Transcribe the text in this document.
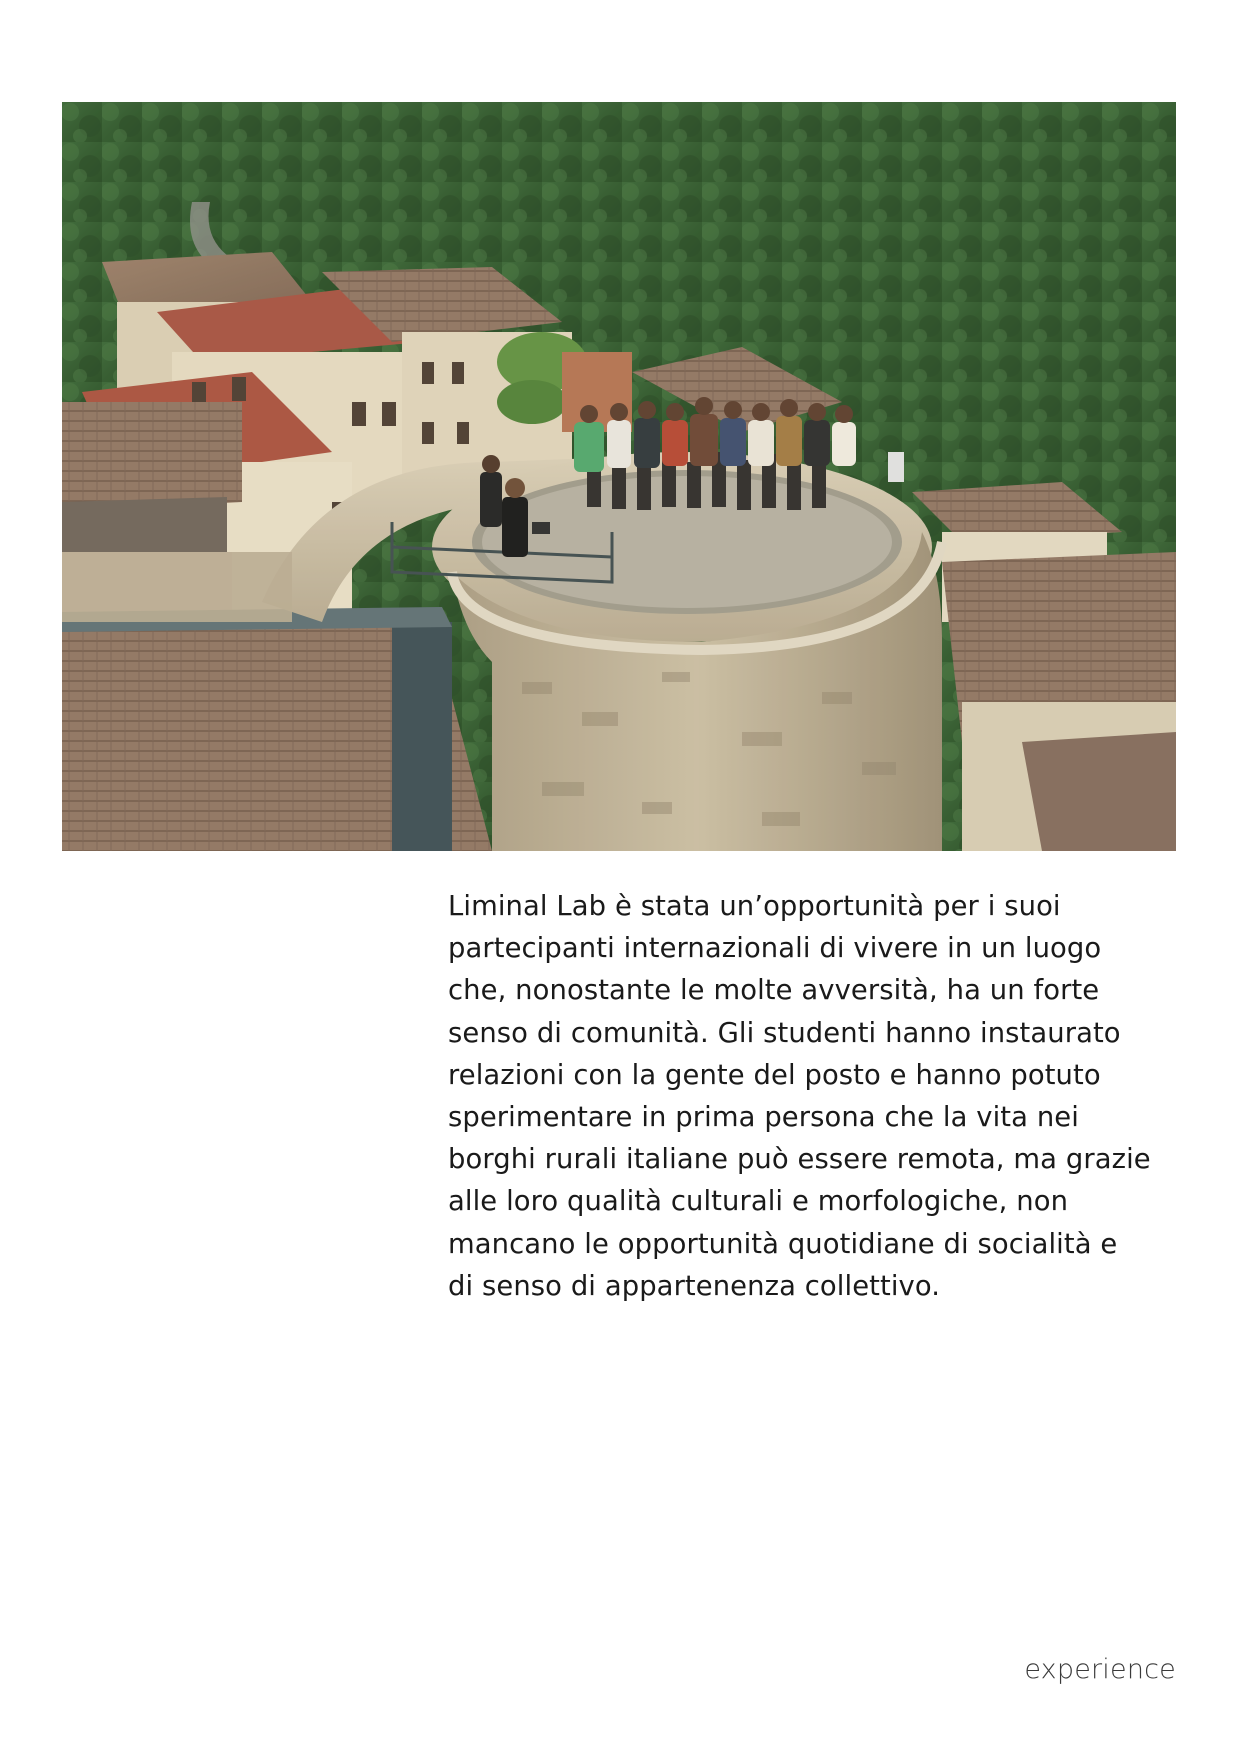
Liminal Lab è stata un’opportunità per i suoi
partecipanti internazionali di vivere in un luogo
che, nonostante le molte avversità, ha un forte
senso di comunità. Gli studenti hanno instaurato
relazioni con la gente del posto e hanno potuto
sperimentare in prima persona che la vita nei
borghi rurali italiane può essere remota, ma grazie
alle loro qualità culturali e morfologiche, non
mancano le opportunità quotidiane di socialità e
di senso di appartenenza collettivo.

experience
